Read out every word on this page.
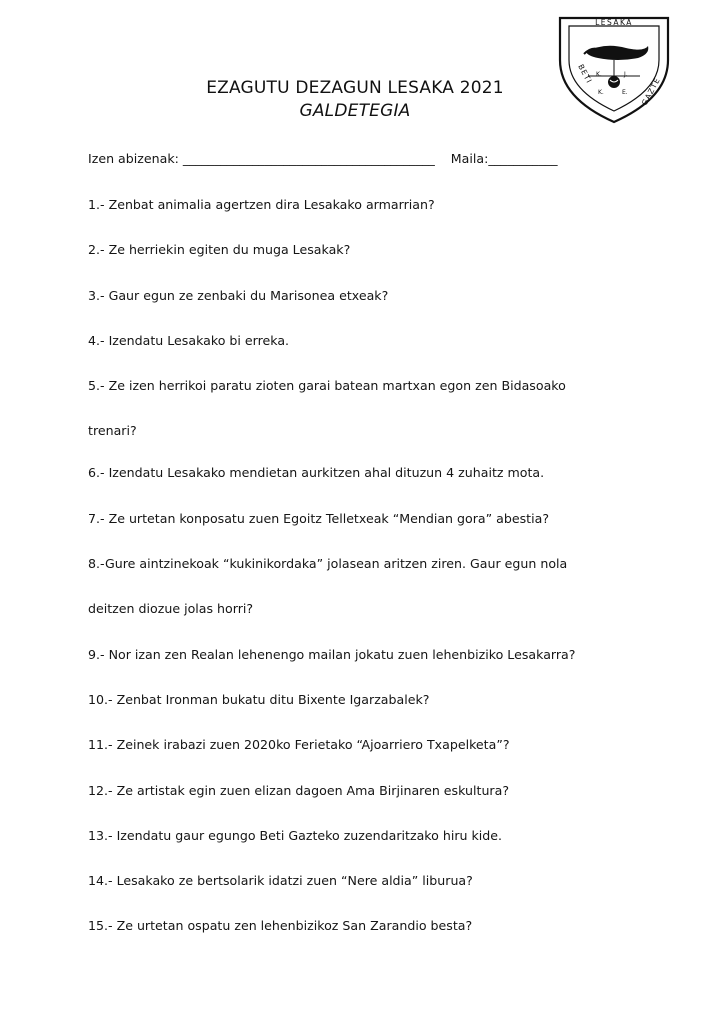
EZAGUTU DEZAGUN LESAKA 2021
GALDETEGIA
LESAKA
BETI
GAZTE
K.	J.
K.	E.
Izen abizenak: ________________________________________ Maila:___________
1.- Zenbat animalia agertzen dira Lesakako armarrian?
2.- Ze herriekin egiten du muga Lesakak?
3.- Gaur egun ze zenbaki du Marisonea etxeak?
4.- Izendatu Lesakako bi erreka.
5.- Ze izen herrikoi paratu zioten garai batean martxan egon zen Bidasoako
trenari?
6.- Izendatu Lesakako mendietan aurkitzen ahal dituzun 4 zuhaitz mota.
7.- Ze urtetan konposatu zuen Egoitz Telletxeak “Mendian gora” abestia?
8.-Gure aintzinekoak “kukinikordaka” jolasean aritzen ziren. Gaur egun nola
deitzen diozue jolas horri?
9.- Nor izan zen Realan lehenengo mailan jokatu zuen lehenbiziko Lesakarra?
10.- Zenbat Ironman bukatu ditu Bixente Igarzabalek?
11.- Zeinek irabazi zuen 2020ko Ferietako “Ajoarriero Txapelketa”?
12.- Ze artistak egin zuen elizan dagoen Ama Birjinaren eskultura?
13.- Izendatu gaur egungo Beti Gazteko zuzendaritzako hiru kide.
14.- Lesakako ze bertsolarik idatzi zuen “Nere aldia” liburua?
15.- Ze urtetan ospatu zen lehenbizikoz San Zarandio besta?
